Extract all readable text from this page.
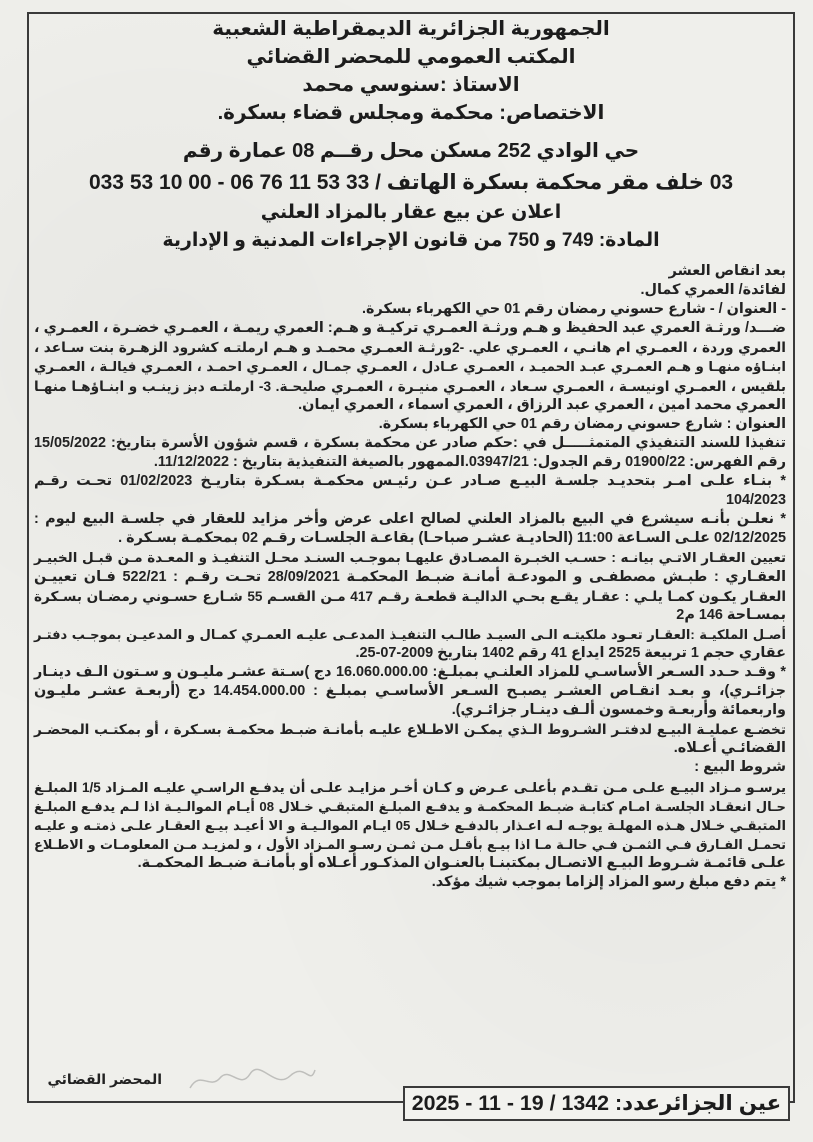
الجمهورية الجزائرية الديمقراطية الشعبية
المكتب العمومي للمحضر القضائي
الاستاذ :سنوسي محمد
الاختصاص: محكمة ومجلس قضاء بسكرة.
حي الوادي 252 مسكن محل رقــم 08 عمارة رقم
03 خلف مقر محكمة بسكرة الهاتف / 33 53 11 76 06 - 00 10 53 033
اعلان عن بيع عقار بالمزاد العلني
المادة: 749 و 750 من قانون الإجراءات المدنية و الإدارية
بعد انقاص العشر
لفائدة/ العمري كمال.
- العنوان / - شارع حسوني رمضان رقم 01 حي الكهرباء بسكرة.
ضـــد/ ورثـة العمري عبد الحفيظ و هـم ورثـة العمـري تركيـة و هـم: العمري ريمـة ، العمـري خضـرة ، العمـري ،
العمري وردة ، العمـري ام هانـي ، العمـري علي. -2ورثـة العمـري محمـد و هـم ارملتـه كشرود الزهـرة بنت سـاعد ،
ابنـاؤه منهـا و هـم العمـري عبـد الحميـد ، العمـري عـادل ، العمـري جمـال ، العمـري احمـد ، العمـري فيالـة ، العمـري
بلقيس ، العمـري اونيسـة ، العمـري سـعاد ، العمـري منيـرة ، العمـري صليحـة. 3- ارملتـه دبز زينـب و ابنـاؤهـا منهـا
العمري محمد امين ، العمري عبد الرزاق ، العمري اسماء ، العمري ايمان.
العنوان : شارع حسوني رمضان رقم 01 حي الكهرباء بسكرة.
تنفيذا للسند التنفيذي المتمثـــــل في :حكم صادر عن محكمة بسكرة ، قسم شؤون الأسرة بتاريخ: 15/05/2022
رقم الفهرس: 01900/22 رقم الجدول: 03947/21.الممهور بالصيغة التنفيذية بتاريخ : 11/12/2022.
* بنـاء علـى امـر بتحديـد جلسـة البيـع صـادر عـن رئيـس محكمـة بسـكرة بتاريـخ 01/02/2023 تحـت رقـم
104/2023
* نعلـن بأنـه سيشرع في البيع بالمزاد العلني لصالح اعلى عرض وأخر مزايد للعقار في جلسـة البيع ليوم :
02/12/2025 علـى السـاعة 11:00 (الحاديـة عشـر صباحـا) بقاعـة الجلسـات رقـم 02 بمحكمـة بسـكرة .
تعيين العقـار الاتـي بيانـه : حسـب الخبـرة المصـادق عليهـا بموجـب السنـد محـل التنفيـذ و المعـدة مـن قبـل الخبيـر
العقـاري : طبـش مصطفـى و المودعـة أمانـة ضبـط المحكمـة 28/09/2021 تحـت رقـم : 522/21 فـان تعييـن
العقـار يكـون كمـا يلـي : عقـار يقـع بحـي الداليـة قطعـة رقـم 417 مـن القسـم 55 شـارع حسـوني رمضـان بسـكرة
بمسـاحة 146 م2
أصـل الملكيـة :العقـار تعـود ملكيتـه الـى السيـد طالـب التنفيـذ المدعـى عليـه العمـري كمـال و المدعيـن بموجـب دفتـر
عقاري حجم 1 تربيعة 2525 ايداع 41 رقم 1402 بتاريخ 2009-07-25.
* وقـد حـدد السـعر الأساسـي للمزاد العلنـي بمبلـغ: 16.060.000.00 دج )سـتة عشـر مليـون و سـتون الـف دينـار
جزائـري)، و بعـد انقـاص العشـر يصبـح السـعر الأساسـي بمبلـغ : 14.454.000.00 دج (أربعـة عشـر مليـون
واربعمائة وأربعـة وخمسون ألـف دينـار جزائـري).
تخضـع عمليـة البيـع لدفتـر الشـروط الـذي يمكـن الاطـلاع عليـه بأمانـة ضبـط محكمـة بسـكرة ، أو بمكتـب المحضـر
القضائـي أعـلاه.
شروط البيع :
يرسـو مـزاد البيـع علـى مـن تقـدم بأعلـى عـرض و كـان أخـر مزايـد علـى أن يدفـع الراسـي عليـه المـزاد 1/5 المبلـغ
حـال انعقـاد الجلسـة امـام كتابـة ضبـط المحكمـة و يدفـع المبلـغ المتبقـي خـلال 08 أيـام الموالـيـة اذا لـم يدفـع المبلـغ
المتبقـي خـلال هـذه المهلـة يوجـه لـه اعـذار بالدفـع خـلال 05 ايـام الموالـيـة و الا أعيـد بيـع العقـار علـى ذمتـه و عليـه
تحمـل الفـارق فـي الثمـن فـي حالـة مـا اذا بيـع بأقـل مـن ثمـن رسـو المـزاد الأول ، و لمزيـد مـن المعلومـات و الاطـلاع
علـى قائمـة شـروط البيـع الاتصـال بمكتبنـا بالعنـوان المذكـور أعـلاه أو بأمانـة ضبـط المحكمـة.
* يتم دفع مبلغ رسو المزاد إلزاما بموجب شيك مؤكد.
المحضر القضائي
عين الجزائرعدد: 1342 / 19 - 11 - 2025
